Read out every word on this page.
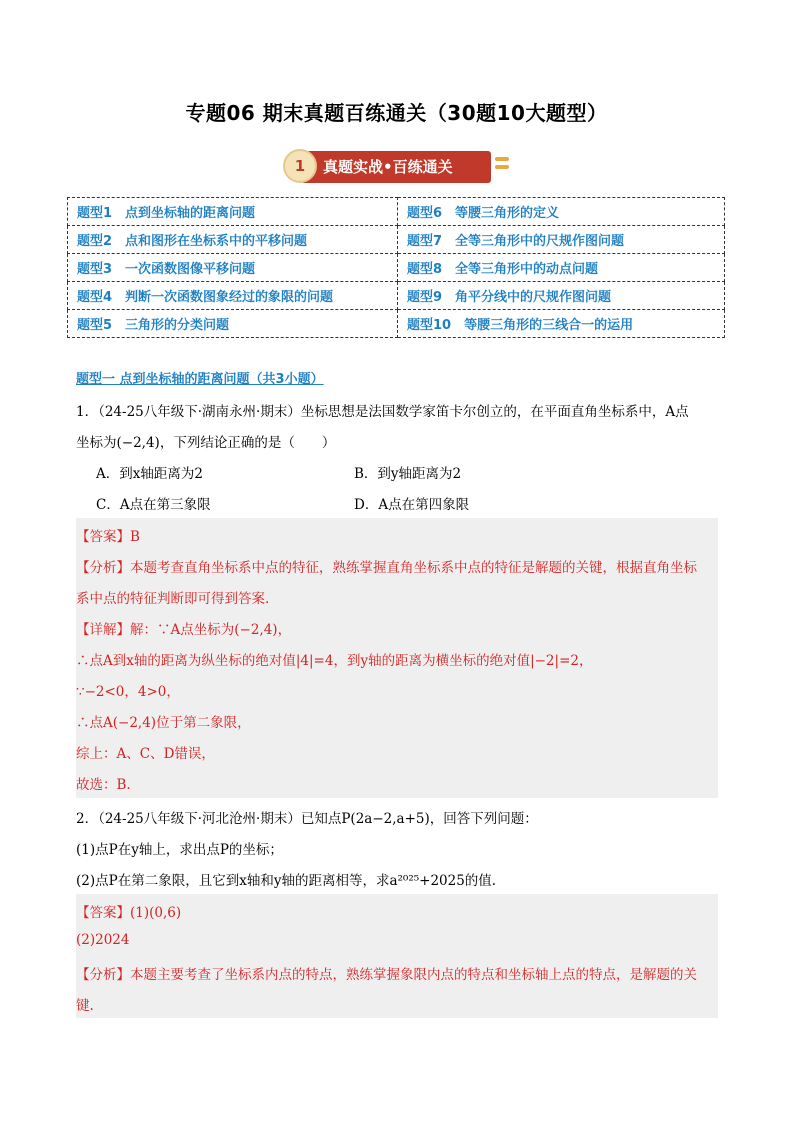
专题06 期末真题百练通关（30题10大题型）
1	真题实战•百练通关
题型1　点到坐标轴的距离问题	题型6　等腰三角形的定义
题型2　点和图形在坐标系中的平移问题	题型7　全等三角形中的尺规作图问题
题型3　一次函数图像平移问题	题型8　全等三角形中的动点问题
题型4　判断一次函数图象经过的象限的问题	题型9　角平分线中的尺规作图问题
题型5　三角形的分类问题	题型10　等腰三角形的三线合一的运用
题型一 点到坐标轴的距离问题（共3小题）
1．（24-25八年级下·湖南永州·期末）坐标思想是法国数学家笛卡尔创立的，在平面直角坐标系中，A点
坐标为(−2,4)，下列结论正确的是（　　）
A．到x轴距离为2	B．到y轴距离为2
C．A点在第三象限	D．A点在第四象限
【答案】B
【分析】本题考查直角坐标系中点的特征，熟练掌握直角坐标系中点的特征是解题的关键，根据直角坐标
系中点的特征判断即可得到答案.
【详解】解：∵A点坐标为(−2,4)，
∴点A到x轴的距离为纵坐标的绝对值|4|=4，到y轴的距离为横坐标的绝对值|−2|=2，
∵−2<0，4>0，
∴点A(−2,4)位于第二象限，
综上：A、C、D错误，
故选：B.
2．（24-25八年级下·河北沧州·期末）已知点P(2a−2,a+5)，回答下列问题：
(1)点P在y轴上，求出点P的坐标；
(2)点P在第二象限，且它到x轴和y轴的距离相等，求a²⁰²⁵+2025的值.
【答案】(1)(0,6)
(2)2024
【分析】本题主要考查了坐标系内点的特点，熟练掌握象限内点的特点和坐标轴上点的特点，是解题的关
键.
